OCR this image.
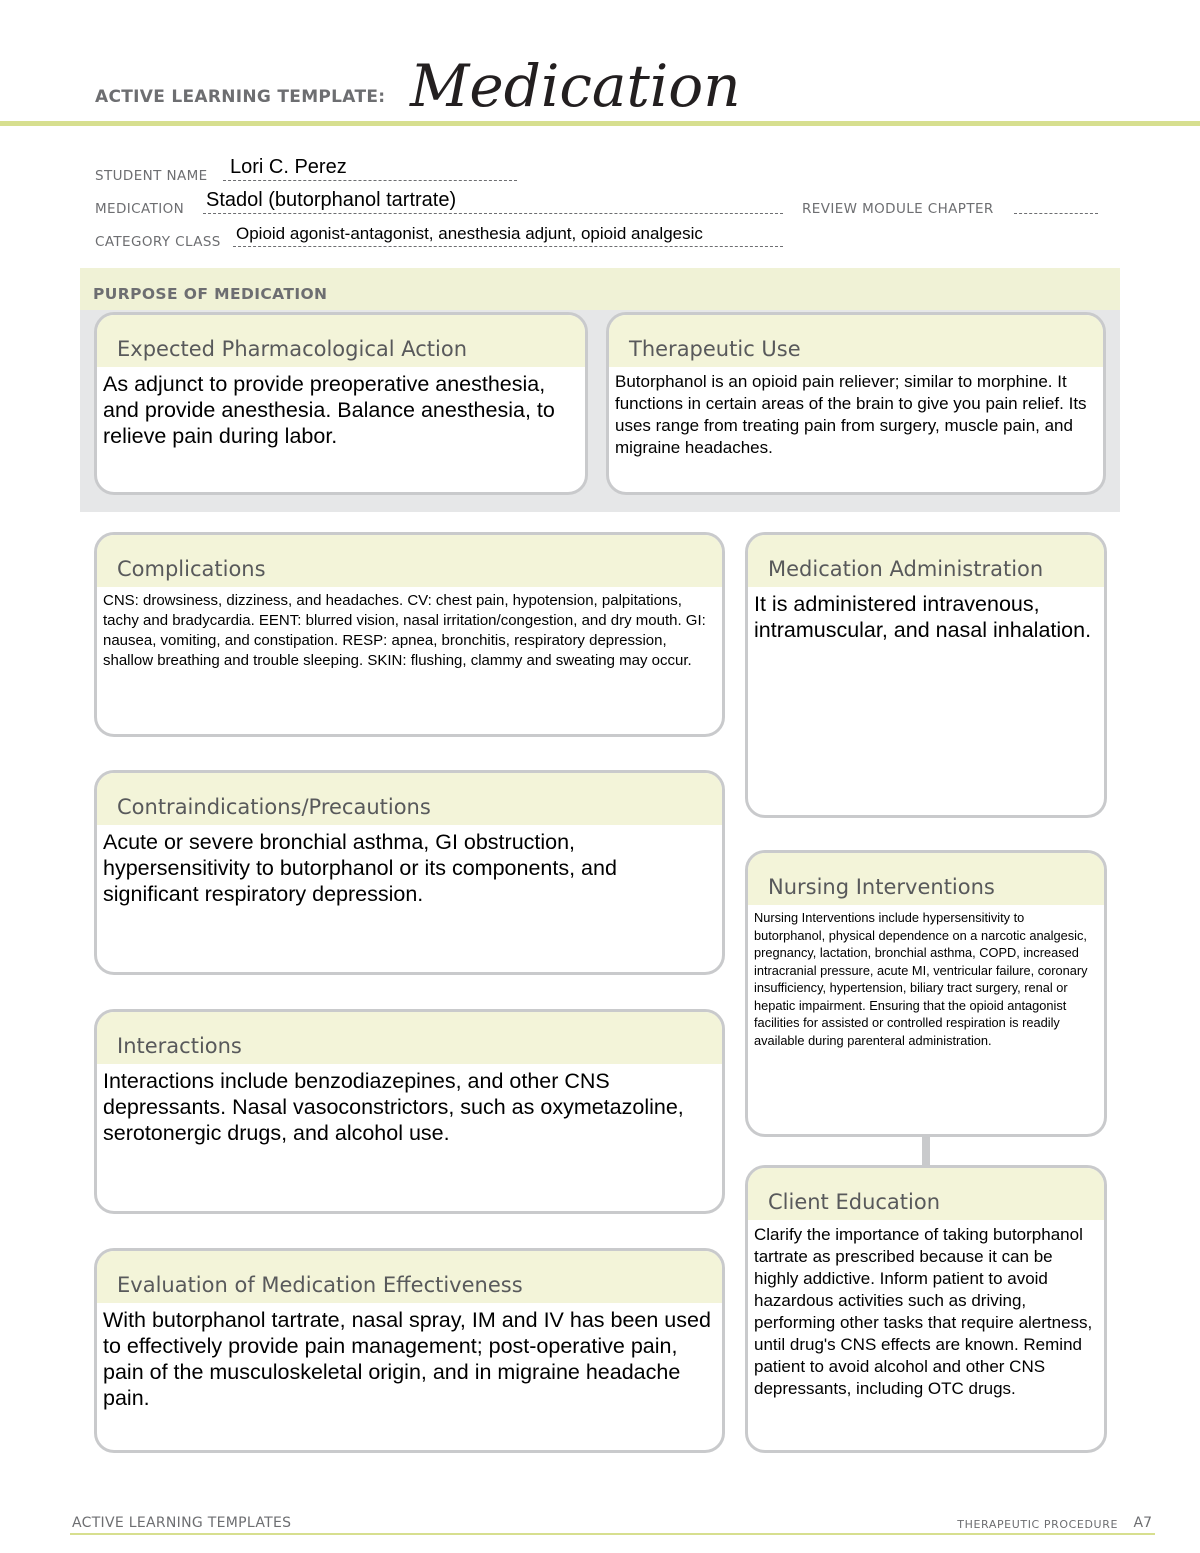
ACTIVE LEARNING TEMPLATE: Medication
STUDENT NAME Lori C. Perez
MEDICATION Stadol (butorphanol tartrate)	REVIEW MODULE CHAPTER
CATEGORY CLASS Opioid agonist-antagonist, anesthesia adjunt, opioid analgesic
PURPOSE OF MEDICATION
Expected Pharmacological Action
As adjunct to provide preoperative anesthesia, and provide anesthesia. Balance anesthesia, to relieve pain during labor.
Therapeutic Use
Butorphanol is an opioid pain reliever; similar to morphine. It functions in certain areas of the brain to give you pain relief. Its uses range from treating pain from surgery, muscle pain, and migraine headaches.
Complications
CNS: drowsiness, dizziness, and headaches. CV: chest pain, hypotension, palpitations, tachy and bradycardia. EENT: blurred vision, nasal irritation/congestion, and dry mouth. GI: nausea, vomiting, and constipation. RESP: apnea, bronchitis, respiratory depression, shallow breathing and trouble sleeping. SKIN: flushing, clammy and sweating may occur.
Contraindications/Precautions
Acute or severe bronchial asthma, GI obstruction, hypersensitivity to butorphanol or its components, and significant respiratory depression.
Interactions
Interactions include benzodiazepines, and other CNS depressants. Nasal vasoconstrictors, such as oxymetazoline, serotonergic drugs, and alcohol use.
Evaluation of Medication Effectiveness
With butorphanol tartrate, nasal spray, IM and IV has been used to effectively provide pain management; post-operative pain, pain of the musculoskeletal origin, and in migraine headache pain.
Medication Administration
It is administered intravenous, intramuscular, and nasal inhalation.
Nursing Interventions
Nursing Interventions include hypersensitivity to butorphanol, physical dependence on a narcotic analgesic, pregnancy, lactation, bronchial asthma, COPD, increased intracranial pressure, acute MI, ventricular failure, coronary insufficiency, hypertension, biliary tract surgery, renal or hepatic impairment. Ensuring that the opioid antagonist facilities for assisted or controlled respiration is readily available during parenteral administration.
Client Education
Clarify the importance of taking butorphanol tartrate as prescribed because it can be highly addictive. Inform patient to avoid hazardous activities such as driving, performing other tasks that require alertness, until drug's CNS effects are known. Remind patient to avoid alcohol and other CNS depressants, including OTC drugs.
ACTIVE LEARNING TEMPLATES	THERAPEUTIC PROCEDURE A7
